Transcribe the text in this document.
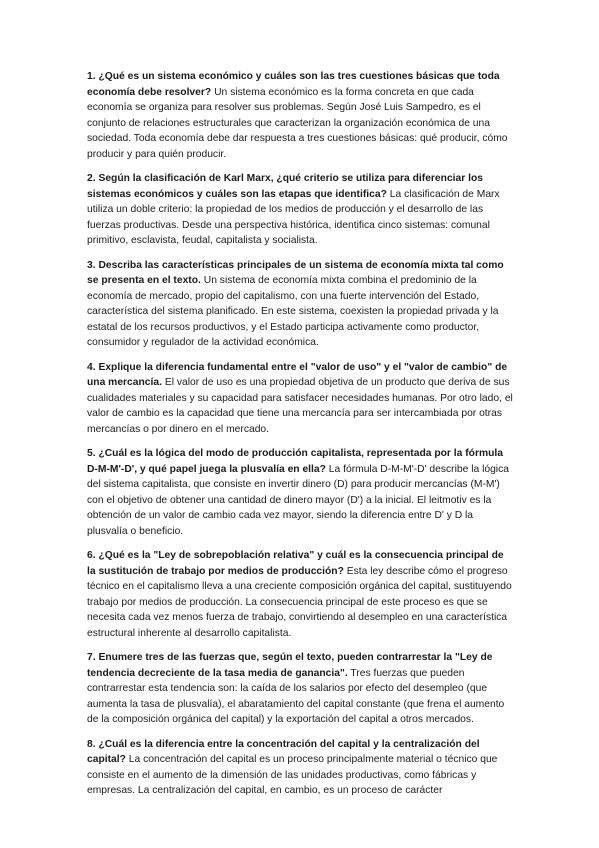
1. ¿Qué es un sistema económico y cuáles son las tres cuestiones básicas que toda economía debe resolver? Un sistema económico es la forma concreta en que cada economía se organiza para resolver sus problemas. Según José Luis Sampedro, es el conjunto de relaciones estructurales que caracterizan la organización económica de una sociedad. Toda economía debe dar respuesta a tres cuestiones básicas: qué producir, cómo producir y para quién producir.

2. Según la clasificación de Karl Marx, ¿qué criterio se utiliza para diferenciar los sistemas económicos y cuáles son las etapas que identifica? La clasificación de Marx utiliza un doble criterio: la propiedad de los medios de producción y el desarrollo de las fuerzas productivas. Desde una perspectiva histórica, identifica cinco sistemas: comunal primitivo, esclavista, feudal, capitalista y socialista.

3. Describa las características principales de un sistema de economía mixta tal como se presenta en el texto. Un sistema de economía mixta combina el predominio de la economía de mercado, propio del capitalismo, con una fuerte intervención del Estado, característica del sistema planificado. En este sistema, coexisten la propiedad privada y la estatal de los recursos productivos, y el Estado participa activamente como productor, consumidor y regulador de la actividad económica.

4. Explique la diferencia fundamental entre el "valor de uso" y el "valor de cambio" de una mercancía. El valor de uso es una propiedad objetiva de un producto que deriva de sus cualidades materiales y su capacidad para satisfacer necesidades humanas. Por otro lado, el valor de cambio es la capacidad que tiene una mercancía para ser intercambiada por otras mercancías o por dinero en el mercado.

5. ¿Cuál es la lógica del modo de producción capitalista, representada por la fórmula D-M-M'-D', y qué papel juega la plusvalía en ella? La fórmula D-M-M'-D' describe la lógica del sistema capitalista, que consiste en invertir dinero (D) para producir mercancías (M-M') con el objetivo de obtener una cantidad de dinero mayor (D') a la inicial. El leitmotiv es la obtención de un valor de cambio cada vez mayor, siendo la diferencia entre D' y D la plusvalía o beneficio.

6. ¿Qué es la "Ley de sobrepoblación relativa" y cuál es la consecuencia principal de la sustitución de trabajo por medios de producción? Esta ley describe cómo el progreso técnico en el capitalismo lleva a una creciente composición orgánica del capital, sustituyendo trabajo por medios de producción. La consecuencia principal de este proceso es que se necesita cada vez menos fuerza de trabajo, convirtiendo al desempleo en una característica estructural inherente al desarrollo capitalista.

7. Enumere tres de las fuerzas que, según el texto, pueden contrarrestar la "Ley de tendencia decreciente de la tasa media de ganancia". Tres fuerzas que pueden contrarrestar esta tendencia son: la caída de los salarios por efecto del desempleo (que aumenta la tasa de plusvalía), el abaratamiento del capital constante (que frena el aumento de la composición orgánica del capital) y la exportación del capital a otros mercados.

8. ¿Cuál es la diferencia entre la concentración del capital y la centralización del capital? La concentración del capital es un proceso principalmente material o técnico que consiste en el aumento de la dimensión de las unidades productivas, como fábricas y empresas. La centralización del capital, en cambio, es un proceso de carácter
